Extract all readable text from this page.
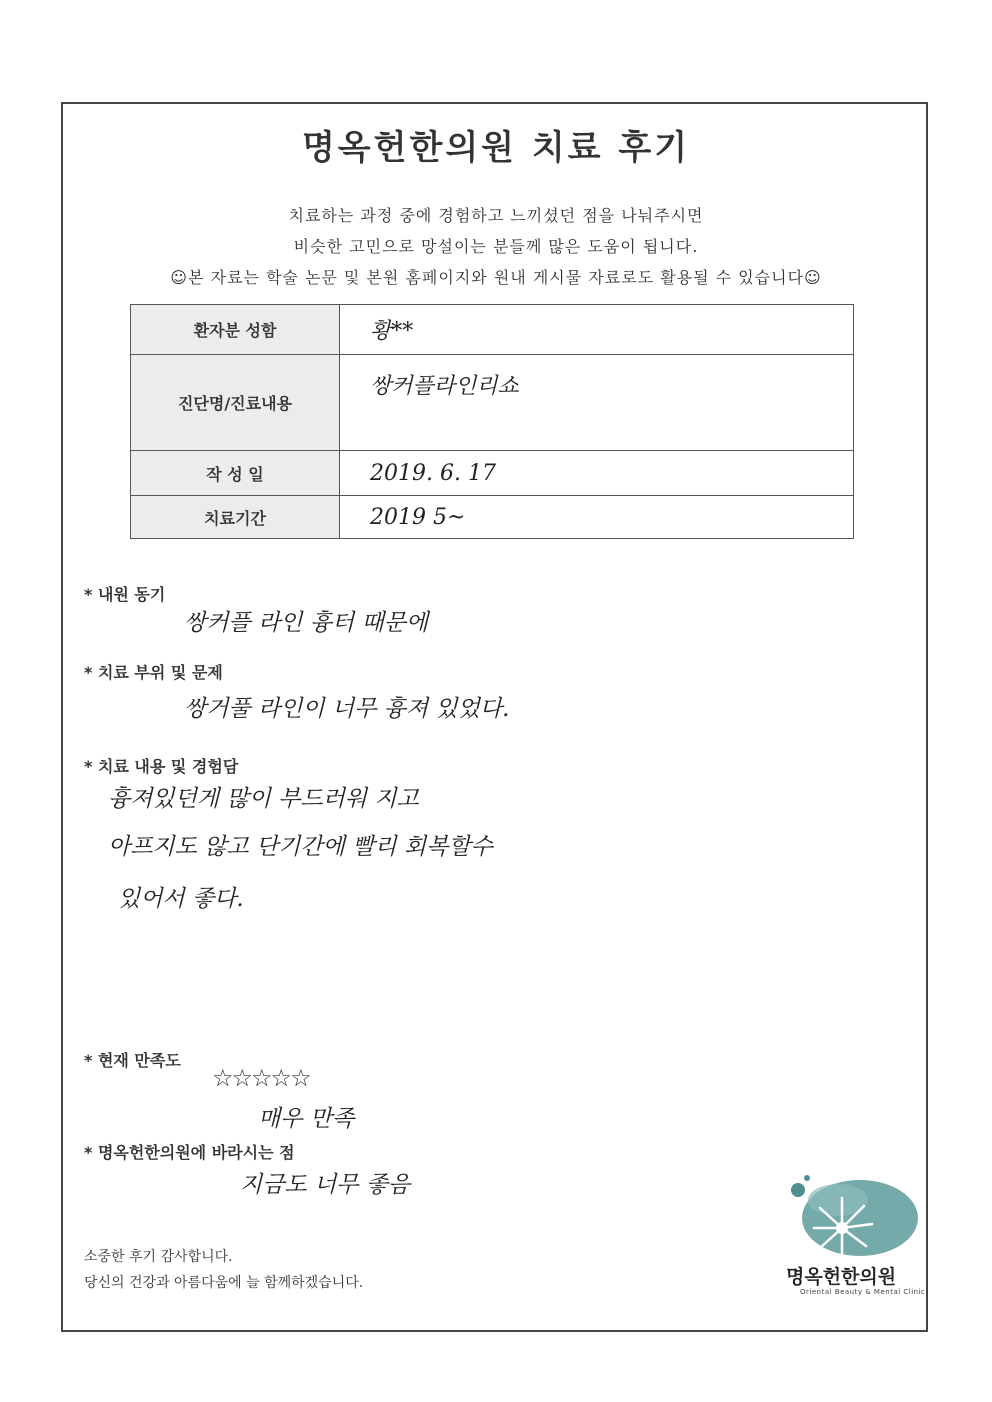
명옥헌한의원 치료 후기
치료하는 과정 중에 경험하고 느끼셨던 점을 나눠주시면
비슷한 고민으로 망설이는 분들께 많은 도움이 됩니다.
☺본 자료는 학술 논문 및 본원 홈페이지와 원내 게시물 자료로도 활용될 수 있습니다☺
환자분 성함	황**
진단명/진료내용	쌍커플라인리쇼
작 성 일	2019. 6. 17
치료기간	2019 5~
* 내원 동기
쌍커플 라인 흉터 때문에
* 치료 부위 및 문제
쌍거풀 라인이 너무 흉져 있었다.
* 치료 내용 및 경험담
흉져있던게 많이 부드러워 지고
아프지도 않고 단기간에 빨리 회복할수
있어서 좋다.
* 현재 만족도
☆☆☆☆☆
매우 만족
* 명옥헌한의원에 바라시는 점
지금도 너무 좋음
소중한 후기 감사합니다.
당신의 건강과 아름다움에 늘 함께하겠습니다.	명옥헌한의원
Oriental Beauty & Mental Clinic
